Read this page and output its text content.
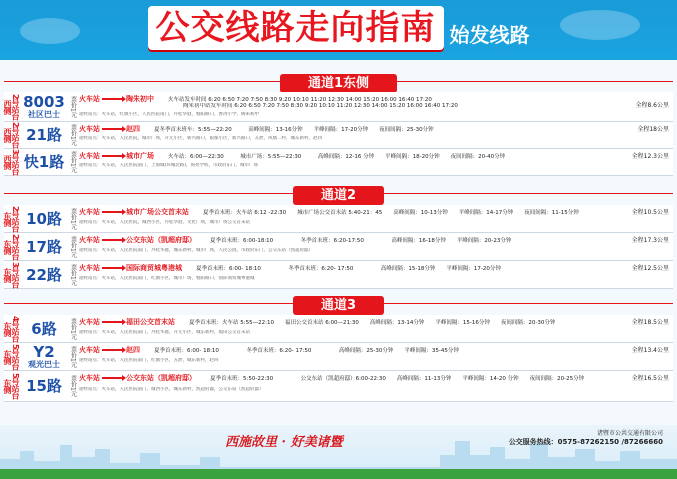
公交线路走向指南 始发线路
通道1东侧
2号站台西侧 8003
社区巴士 票价1元 火车站	陶朱初中	火车站发车时间 6:20 6:50 7:20 7:50 8:30 9:20 10:10 11:20 12:30 14:00 15:20 16:00 16:40 17:20
陶朱初中站发车时间 6:20 6:50 7:20 7:50 8:30 9:20 10:10 11:20 12:30 14:00 15:20 16:00 16:40 17:20
途经站点：火车站，红旗小区，人民医院南门，丹桂华庭，暨阳路口，香湾小学，陶朱初中
全程8.6公里
2号站台西侧 21路 票价1元 火车站	赵四	夏冬季首末班车：5:55—22:20　　　高峰间隔：13-16分钟　　平峰间隔：17-20分钟　　夜间间隔：25-30分钟
途经站点：火车站，人民医院，城市广场，开元小区，新兴路口，银都小区，新兴路口，五泄，凤凰二村，城东新村，赵四
全程18公里
3号站台西侧 快1路 票价1元 火车站	城市广场	火车站：6:00—22:30　　　城市广场：5:55—22:30　　　高峰间隔：12-16 分钟　　平峰间隔：18-20分钟　　夜间间隔：20-40分钟
途经站点：火车站，人民医院南门，上海城(环城北路)，海亮学校，市政府东门，城市广场
全程12.3公里
通道2
2号站台东侧 10路 票价1元 火车站	城市广场公交首末站	夏季首末班：火车站 6:12 -22:30　　城市广场公交首末站 5:40-21：45　　高峰间隔：10-13分钟　　平峰间隔：14-17分钟　　夜间间隔：11-15分钟
途经站点：火车站，人民医院，城西小区，丹桂华庭，文化广场，城市广场公交首末站
全程10.5公里
2号站台东侧 17路 票价1元 火车站	公交东站（凯超府邸）	夏季首末班：6:00-18:10　　　　　冬季首末班：6:20-17:50　　　　　高峰间隔：16-18分钟　　平峰间隔：20-23分钟
途经站点：火车站，人民医院南门，丹桂华庭，城东新村，城市广场，人民公园，市政府东门，公交东站（凯超府邸）
全程17.3公里
3号站台东侧 22路 票价1元 火车站	国际商贸城粤港城	夏季首末班：6:00- 18:10　　　　　冬季首末班：6:20- 17:50　　　　　高峰间隔：15-18分钟　　平峰间隔：17-20分钟
途经站点：火车站，人民医院南门，红旗小区，城市广场，暨阳路口，国际商贸城粤港城
全程12.5公里
通道3
4号站台东侧	6路 票价1元 火车站	福田公交首末站	夏季首末班：火车站 5:55—22:10　　福田公交首末站 6:00—21:30　　高峰间隔：13-14分钟　　平峰间隔：15-16分钟　　夜间间隔：20-30分钟
途经站点：火车站，人民医院南门，丹桂华庭，开元小区，城东新村，福田公交首末站
全程18.5公里
5号站台东侧	Y2
观光巴士 票价1元 火车站	赵四	夏季首末班：6:00- 18:10　　　　　冬季首末班：6:20- 17:50　　　　　高峰间隔：25-30分钟　　平峰间隔：35-45分钟
途经站点：火车站，人民医院南门，红旗小区，五泄，城东新村，赵四
全程13.4公里
5号站台东侧 15路 票价1元 火车站	公交东站（凯超府邸）	夏季首末班：5:50-22:30　　　　　公交东站（凯超府邸）6:00-22:30　　高峰间隔：11-13分钟　　平峰间隔：14-20 分钟　　夜间间隔：20-25分钟
途经站点：火车站，人民医院南门，城西小区，城东新村，凯超府邸，公交东站（凯超府邸）
全程16.5公里
西施故里 · 好美诸暨
诸暨市公共交通有限公司
公交服务热线：0575-87262150 /87266660
